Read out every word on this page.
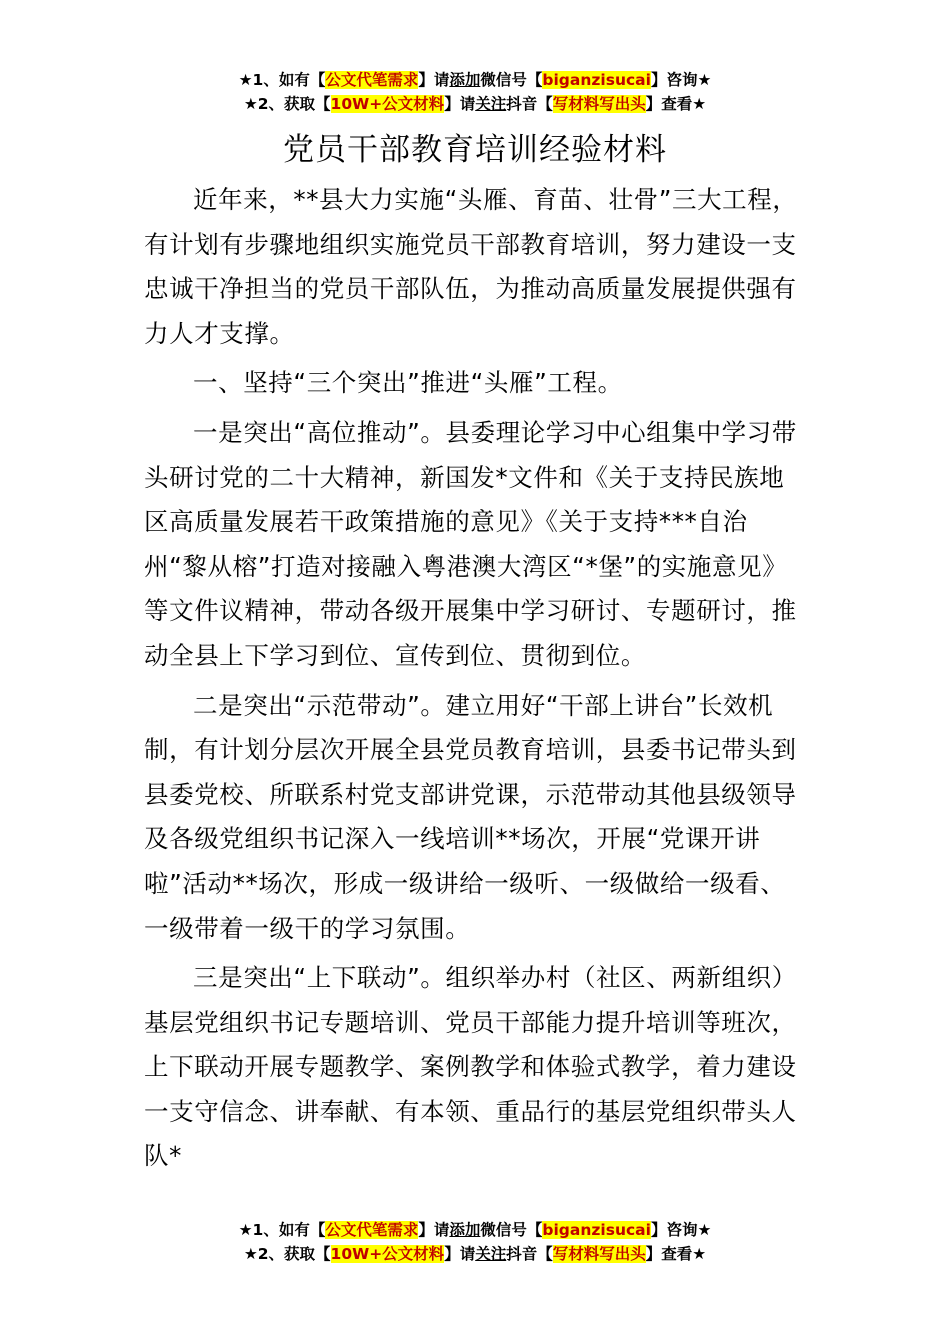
★1、如有【公文代笔需求】请添加微信号【biganzisucai】咨询★
★2、获取【10W+公文材料】请关注抖音【写材料写出头】查看★
党员干部教育培训经验材料

近年来，**县大力实施“头雁、育苗、壮骨”三大工程，有计划有步骤地组织实施党员干部教育培训，努力建设一支忠诚干净担当的党员干部队伍，为推动高质量发展提供强有力人才支撑。

一、坚持“三个突出”推进“头雁”工程。

一是突出“高位推动”。县委理论学习中心组集中学习带头研讨党的二十大精神，新国发*文件和《关于支持民族地区高质量发展若干政策措施的意见》《关于支持***自治州“黎从榕”打造对接融入粤港澳大湾区“*堡”的实施意见》等文件议精神，带动各级开展集中学习研讨、专题研讨，推动全县上下学习到位、宣传到位、贯彻到位。

二是突出“示范带动”。建立用好“干部上讲台”长效机制，有计划分层次开展全县党员教育培训，县委书记带头到县委党校、所联系村党支部讲党课，示范带动其他县级领导及各级党组织书记深入一线培训**场次，开展“党课开讲啦”活动**场次，形成一级讲给一级听、一级做给一级看、一级带着一级干的学习氛围。

三是突出“上下联动”。组织举办村（社区、两新组织）基层党组织书记专题培训、党员干部能力提升培训等班次，上下联动开展专题教学、案例教学和体验式教学，着力建设一支守信念、讲奉献、有本领、重品行的基层党组织带头人队*

★1、如有【公文代笔需求】请添加微信号【biganzisucai】咨询★
★2、获取【10W+公文材料】请关注抖音【写材料写出头】查看★
